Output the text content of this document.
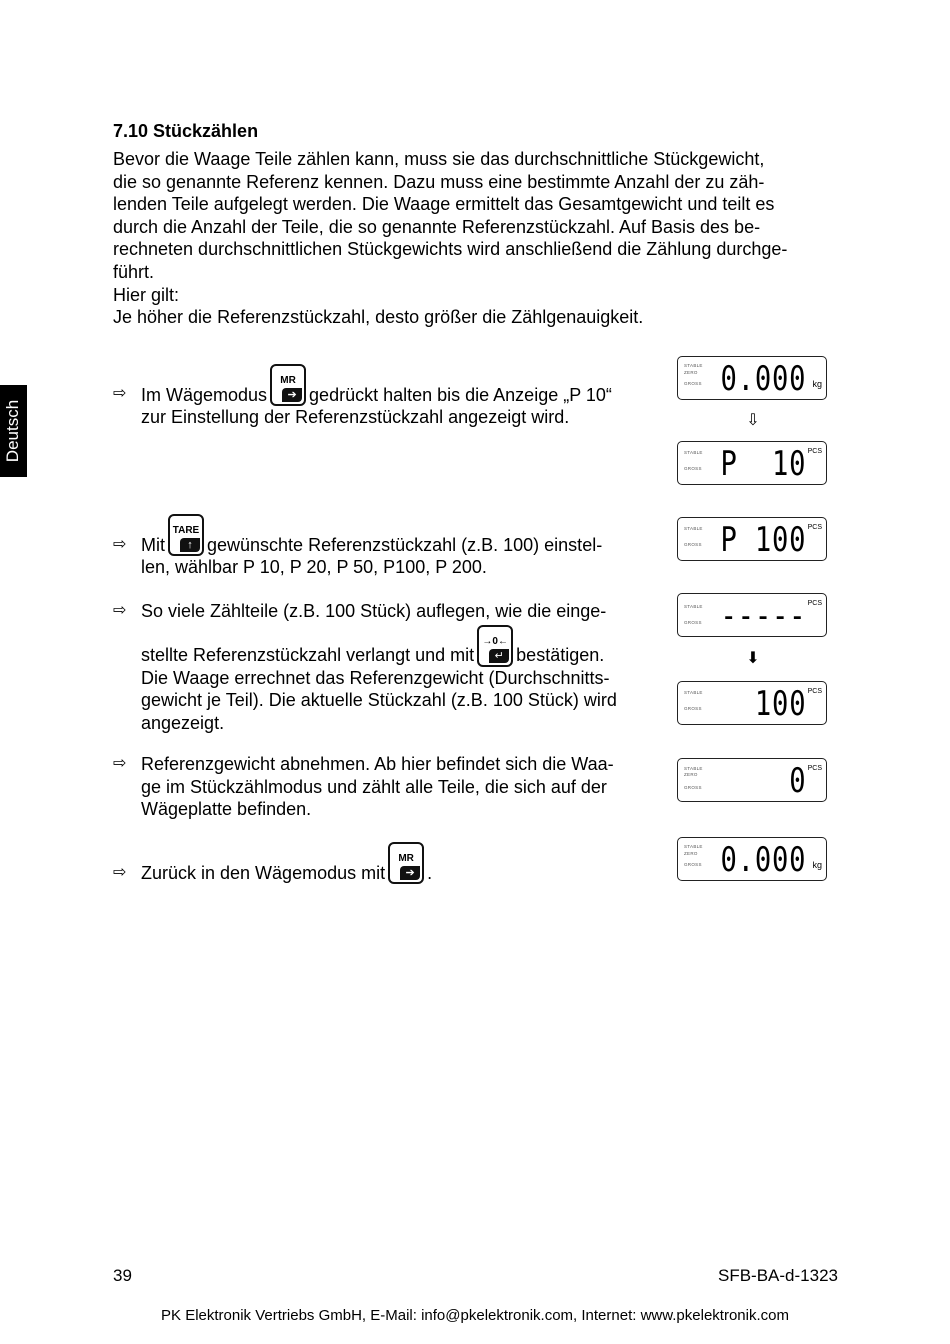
Deutsch
7.10 Stückzählen
Bevor die Waage Teile zählen kann, muss sie das durchschnittliche Stückgewicht,
die so genannte Referenz kennen. Dazu muss eine bestimmte Anzahl der zu zäh-
lenden Teile aufgelegt werden. Die Waage ermittelt das Gesamtgewicht und teilt es
durch die Anzahl der Teile, die so genannte Referenzstückzahl. Auf Basis des be-
rechneten durchschnittlichen Stückgewichts wird anschließend die Zählung durchge-
führt.
Hier gilt:
Je höher die Referenzstückzahl, desto größer die Zählgenauigkeit.
⇨ Im Wägemodus
MR
➔ gedrückt halten bis die Anzeige „P 10“
zur Einstellung der Referenzstückzahl angezeigt wird.
⇨ Mit
TARE
↑ gewünschte Referenzstückzahl (z.B. 100) einstel-
len, wählbar P 10, P 20, P 50, P100, P 200.
⇨ So viele Zählteile (z.B. 100 Stück) auflegen, wie die einge-
stellte Referenzstückzahl verlangt und mit
→0←
↵ bestätigen.
Die Waage errechnet das Referenzgewicht (Durchschnitts-
gewicht je Teil). Die aktuelle Stückzahl (z.B. 100 Stück) wird
angezeigt.
⇨ Referenzgewicht abnehmen. Ab hier befindet sich die Waa-
ge im Stückzählmodus und zählt alle Teile, die sich auf der
Wägeplatte befinden.
⇨ Zurück in den Wägemodus mit
MR
➔ .
STABLE
ZERO
GROSS 0.000 kg
⇩
STABLE
GROSS P  10 PCS
STABLE
GROSS P 100 PCS
STABLE
GROSS ----- PCS
⬇
STABLE
GROSS 100 PCS
STABLE
ZERO
GROSS	0 PCS
STABLE
ZERO
GROSS 0.000 kg
39	SFB-BA-d-1323
PK Elektronik Vertriebs GmbH, E-Mail: info@pkelektronik.com, Internet: www.pkelektronik.com
